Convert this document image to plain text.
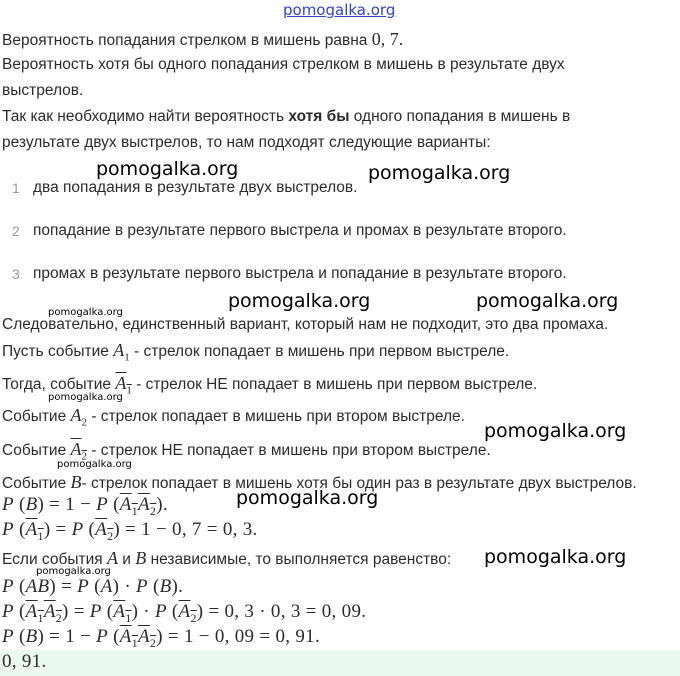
pomogalka.org
Вероятность попадания стрелком в мишень равна 0, 7.
Вероятность хотя бы одного попадания стрелком в мишень в результате двух
выстрелов.
Так как необходимо найти вероятность хотя бы одного попадания в мишень в
результате двух выстрелов, то нам подходят следующие варианты:
1 два попадания в результате двух выстрелов.
2 попадание в результате первого выстрела и промах в результате второго.
3 промах в результате первого выстрела и попадание в результате второго.
Следовательно, единственный вариант, который нам не подходит, это два промаха.
Пусть событие $A_1$ - стрелок попадает в мишень при первом выстреле.
Тогда, событие $A_1$ - стрелок НЕ попадает в мишень при первом выстреле.
Событие $A_2$ - стрелок попадает в мишень при втором выстреле.
Событие $A_2$ - стрелок НЕ попадает в мишень при втором выстреле.
Событие B- стрелок попадает в мишень хотя бы один раз в результате двух выстрелов.
P (B) = 1 − P $(A_1A_2)$.
P $(A_1) = P$ $(A_2) = 1 - 0$, 7 = 0, 3.
Если события A и B независимые, то выполняется равенство:
P (AB) = P (A) · P (B).
P $(A_1A_2) = P$ $(A_1) \cdot P$ $(A_2) = 0$, 3 · 0, 3 = 0, 09.
P (B) = 1 − P $(A_1A_2) = 1 - 0$, 09 = 0, 91.
0, 91.
pomogalka.org	pomogalka.org
pomogalka.org	pomogalka.org
pomogalka.org
pomogalka.org
pomogalka.org
pomogalka.org
pomogalka.org
pomogalka.org
pomogalka.org
